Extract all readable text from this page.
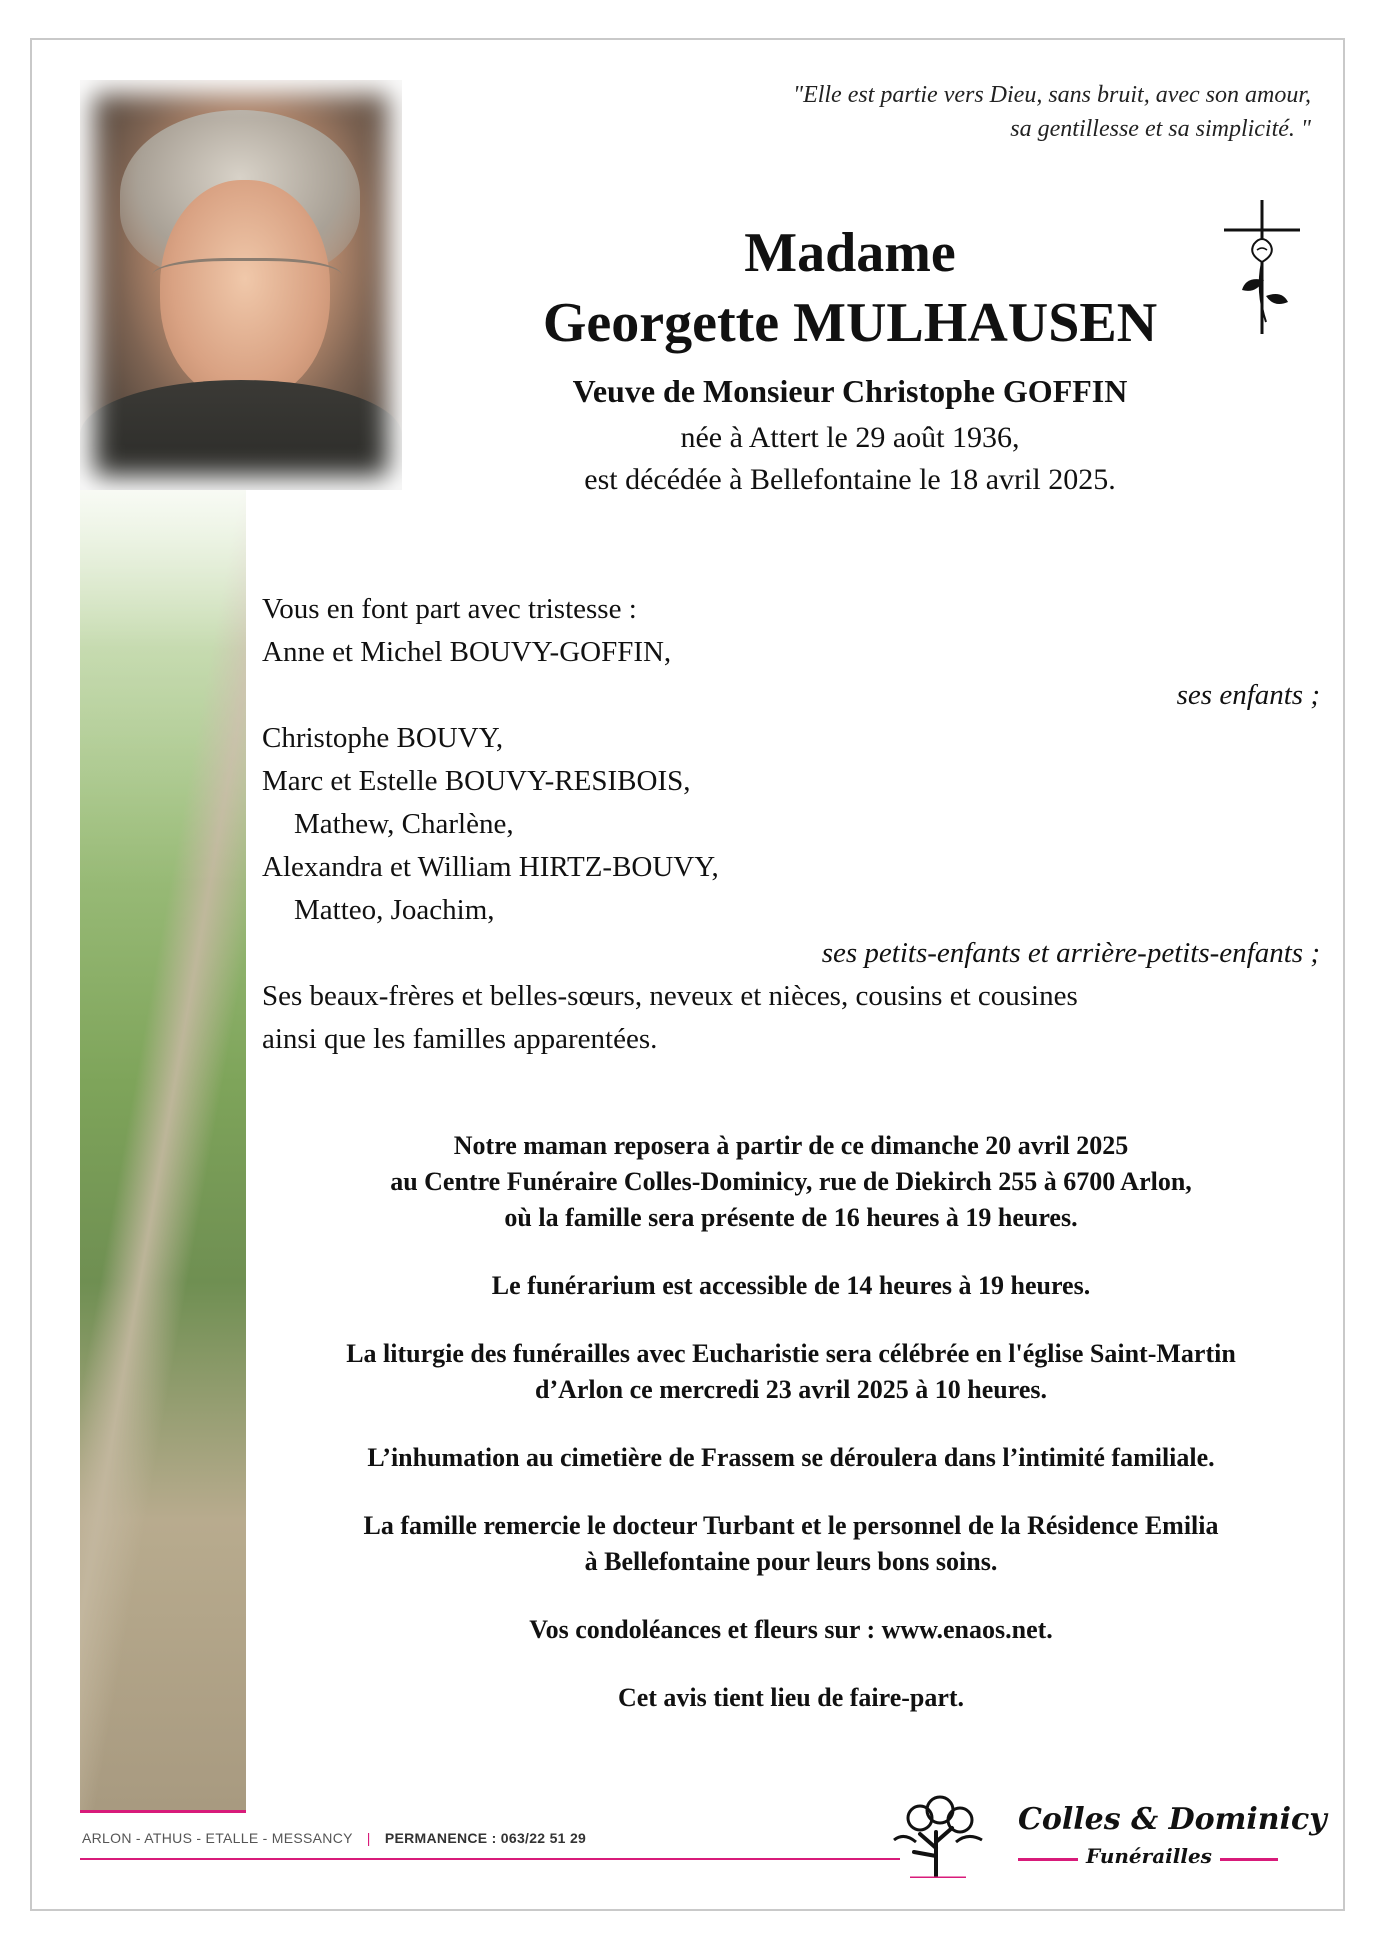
"Elle est partie vers Dieu, sans bruit, avec son amour,
sa gentillesse et sa simplicité. "
Madame
Georgette MULHAUSEN
Veuve de Monsieur Christophe GOFFIN
née à Attert le 29 août 1936,
est décédée à Bellefontaine le 18 avril 2025.
Vous en font part avec tristesse :
Anne et Michel BOUVY-GOFFIN,
ses enfants ;
Christophe BOUVY,
Marc et Estelle BOUVY-RESIBOIS,
Mathew, Charlène,
Alexandra et William HIRTZ-BOUVY,
Matteo, Joachim,
ses petits-enfants et arrière-petits-enfants ;
Ses beaux-frères et belles-sœurs, neveux et nièces, cousins et cousines
ainsi que les familles apparentées.

Notre maman reposera à partir de ce dimanche 20 avril 2025
au Centre Funéraire Colles-Dominicy, rue de Diekirch 255 à 6700 Arlon,
où la famille sera présente de 16 heures à 19 heures.

Le funérarium est accessible de 14 heures à 19 heures.

La liturgie des funérailles avec Eucharistie sera célébrée en l'église Saint-Martin
d’Arlon ce mercredi 23 avril 2025 à 10 heures.

L’inhumation au cimetière de Frassem se déroulera dans l’intimité familiale.

La famille remercie le docteur Turbant et le personnel de la Résidence Emilia
à Bellefontaine pour leurs bons soins.

Vos condoléances et fleurs sur : www.enaos.net.

Cet avis tient lieu de faire-part.

ARLON - ATHUS - ETALLE - MESSANCY | PERMANENCE : 063/22 51 29
Colles & Dominicy
Funérailles
